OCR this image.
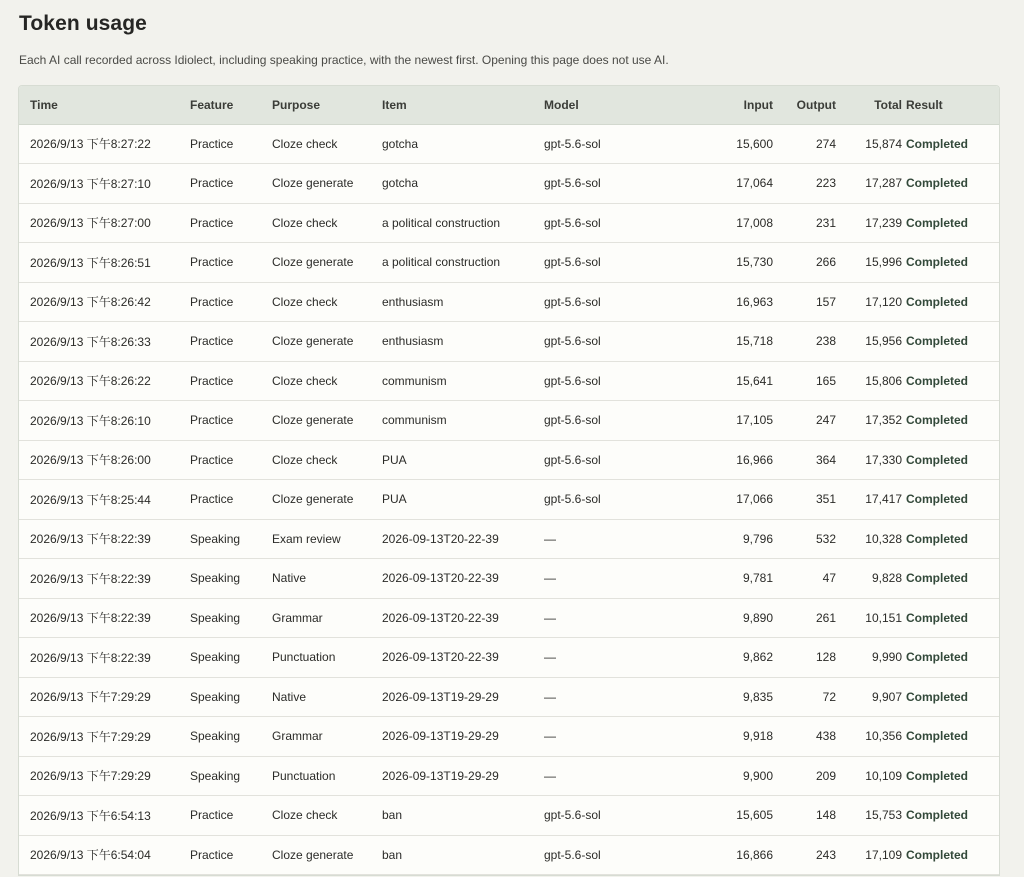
Token usage

Each AI call recorded across Idiolect, including speaking practice, with the newest first. Opening this page does not use AI.

Time	Feature	Purpose	Item	Model	Input	Output	Total	Result
2026/9/13 下午8:27:22	Practice	Cloze check	gotcha	gpt-5.6-sol	15,600	274	15,874	Completed
2026/9/13 下午8:27:10	Practice	Cloze generate	gotcha	gpt-5.6-sol	17,064	223	17,287	Completed
2026/9/13 下午8:27:00	Practice	Cloze check	a political construction	gpt-5.6-sol	17,008	231	17,239	Completed
2026/9/13 下午8:26:51	Practice	Cloze generate	a political construction	gpt-5.6-sol	15,730	266	15,996	Completed
2026/9/13 下午8:26:42	Practice	Cloze check	enthusiasm	gpt-5.6-sol	16,963	157	17,120	Completed
2026/9/13 下午8:26:33	Practice	Cloze generate	enthusiasm	gpt-5.6-sol	15,718	238	15,956	Completed
2026/9/13 下午8:26:22	Practice	Cloze check	communism	gpt-5.6-sol	15,641	165	15,806	Completed
2026/9/13 下午8:26:10	Practice	Cloze generate	communism	gpt-5.6-sol	17,105	247	17,352	Completed
2026/9/13 下午8:26:00	Practice	Cloze check	PUA	gpt-5.6-sol	16,966	364	17,330	Completed
2026/9/13 下午8:25:44	Practice	Cloze generate	PUA	gpt-5.6-sol	17,066	351	17,417	Completed
2026/9/13 下午8:22:39	Speaking	Exam review	2026-09-13T20-22-39	—	9,796	532	10,328	Completed
2026/9/13 下午8:22:39	Speaking	Native	2026-09-13T20-22-39	—	9,781	47	9,828	Completed
2026/9/13 下午8:22:39	Speaking	Grammar	2026-09-13T20-22-39	—	9,890	261	10,151	Completed
2026/9/13 下午8:22:39	Speaking	Punctuation	2026-09-13T20-22-39	—	9,862	128	9,990	Completed
2026/9/13 下午7:29:29	Speaking	Native	2026-09-13T19-29-29	—	9,835	72	9,907	Completed
2026/9/13 下午7:29:29	Speaking	Grammar	2026-09-13T19-29-29	—	9,918	438	10,356	Completed
2026/9/13 下午7:29:29	Speaking	Punctuation	2026-09-13T19-29-29	—	9,900	209	10,109	Completed
2026/9/13 下午6:54:13	Practice	Cloze check	ban	gpt-5.6-sol	15,605	148	15,753	Completed
2026/9/13 下午6:54:04	Practice	Cloze generate	ban	gpt-5.6-sol	16,866	243	17,109	Completed
